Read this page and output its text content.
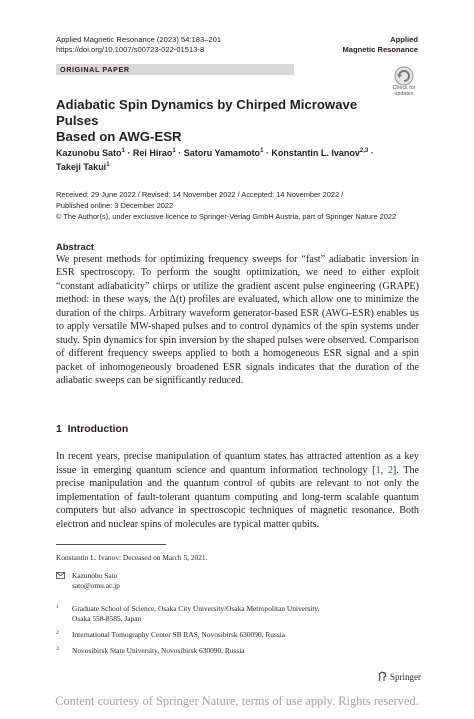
Applied Magnetic Resonance (2023) 54:183–201
https://doi.org/10.1007/s00723-022-01513-8
Applied
Magnetic Resonance
ORIGINAL PAPER
Check for
updates
Adiabatic Spin Dynamics by Chirped Microwave Pulses
Based on AWG-ESR
Kazunobu Sato$^1$ · Rei Hirao$^1$ · Satoru Yamamoto$^1$ · Konstantin L. Ivanov$^{2,3}$ ·
Takeji Takui$^1$
Received: 29 June 2022 / Revised: 14 November 2022 / Accepted: 14 November 2022 /
Published online: 3 December 2022
© The Author(s), under exclusive licence to Springer-Verlag GmbH Austria, part of Springer Nature 2022
Abstract

We present methods for optimizing frequency sweeps for “fast” adiabatic inversion in ESR spectroscopy. To perform the sought optimization, we need to either exploit “constant adiabaticity” chirps or utilize the gradient ascent pulse engineering (GRAPE) method: in these ways, the Δ(t) profiles are evaluated, which allow one to minimize the duration of the chirps. Arbitrary waveform generator-based ESR (AWG-ESR) enables us to apply versatile MW-shaped pulses and to control dynamics of the spin systems under study. Spin dynamics for spin inversion by the shaped pulses were observed. Comparison of different frequency sweeps applied to both a homogeneous ESR signal and a spin packet of inhomogeneously broadened ESR signals indicates that the duration of the adiabatic sweeps can be significantly reduced.

1 Introduction

In recent years, precise manipulation of quantum states has attracted attention as a key issue in emerging quantum science and quantum information technology [1, 2]. The precise manipulation and the quantum control of qubits are relevant to not only the implementation of fault-tolerant quantum computing and long-term scalable quantum computers but also advance in spectroscopic techniques of magnetic resonance. Both electron and nuclear spins of molecules are typical matter qubits.

Konstantin L. Ivanov: Deceased on March 5, 2021.
Kazunobu Sato
sato@omu.ac.jp
1 Graduate School of Science, Osaka City University/Osaka Metropolitan University,
Osaka 558-8585, Japan
2 International Tomography Center SB RAS, Novosibirsk 630090, Russia
3 Novosibirsk State University, Novosibirsk 630090, Russia
Springer
Content courtesy of Springer Nature, terms of use apply. Rights reserved.
